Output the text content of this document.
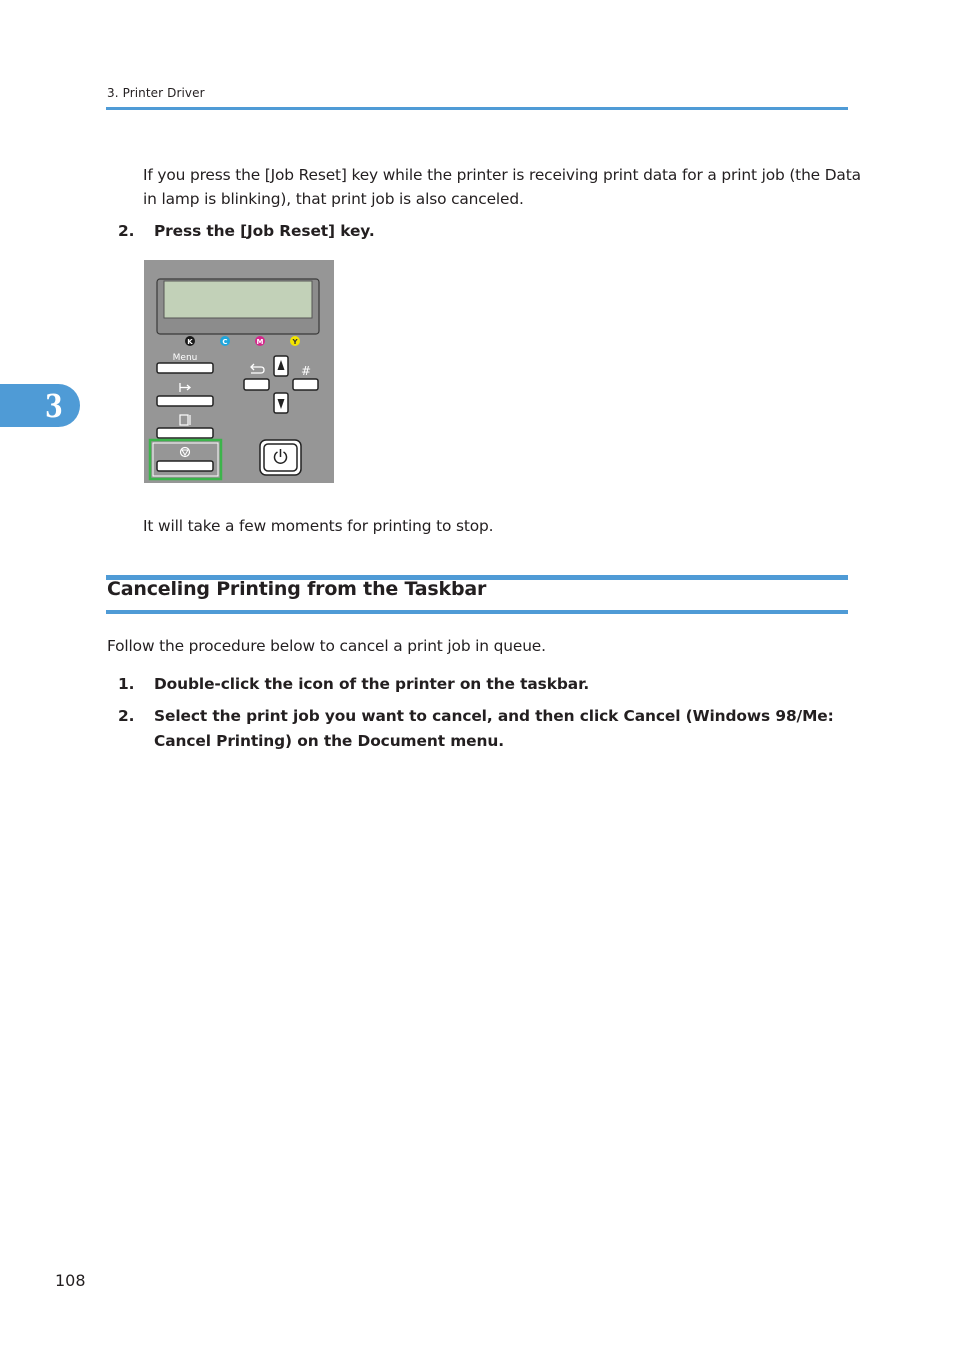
3. Printer Driver
3
If you press the [Job Reset] key while the printer is receiving print data for a print job (the Data in lamp is blinking), that print job is also canceled.
2. Press the [Job Reset] key.
K	C	M	Y
Menu
#
It will take a few moments for printing to stop.
Canceling Printing from the Taskbar
Follow the procedure below to cancel a print job in queue.
1. Double-click the icon of the printer on the taskbar.
2. Select the print job you want to cancel, and then click Cancel (Windows 98/Me: Cancel Printing) on the Document menu.
108
